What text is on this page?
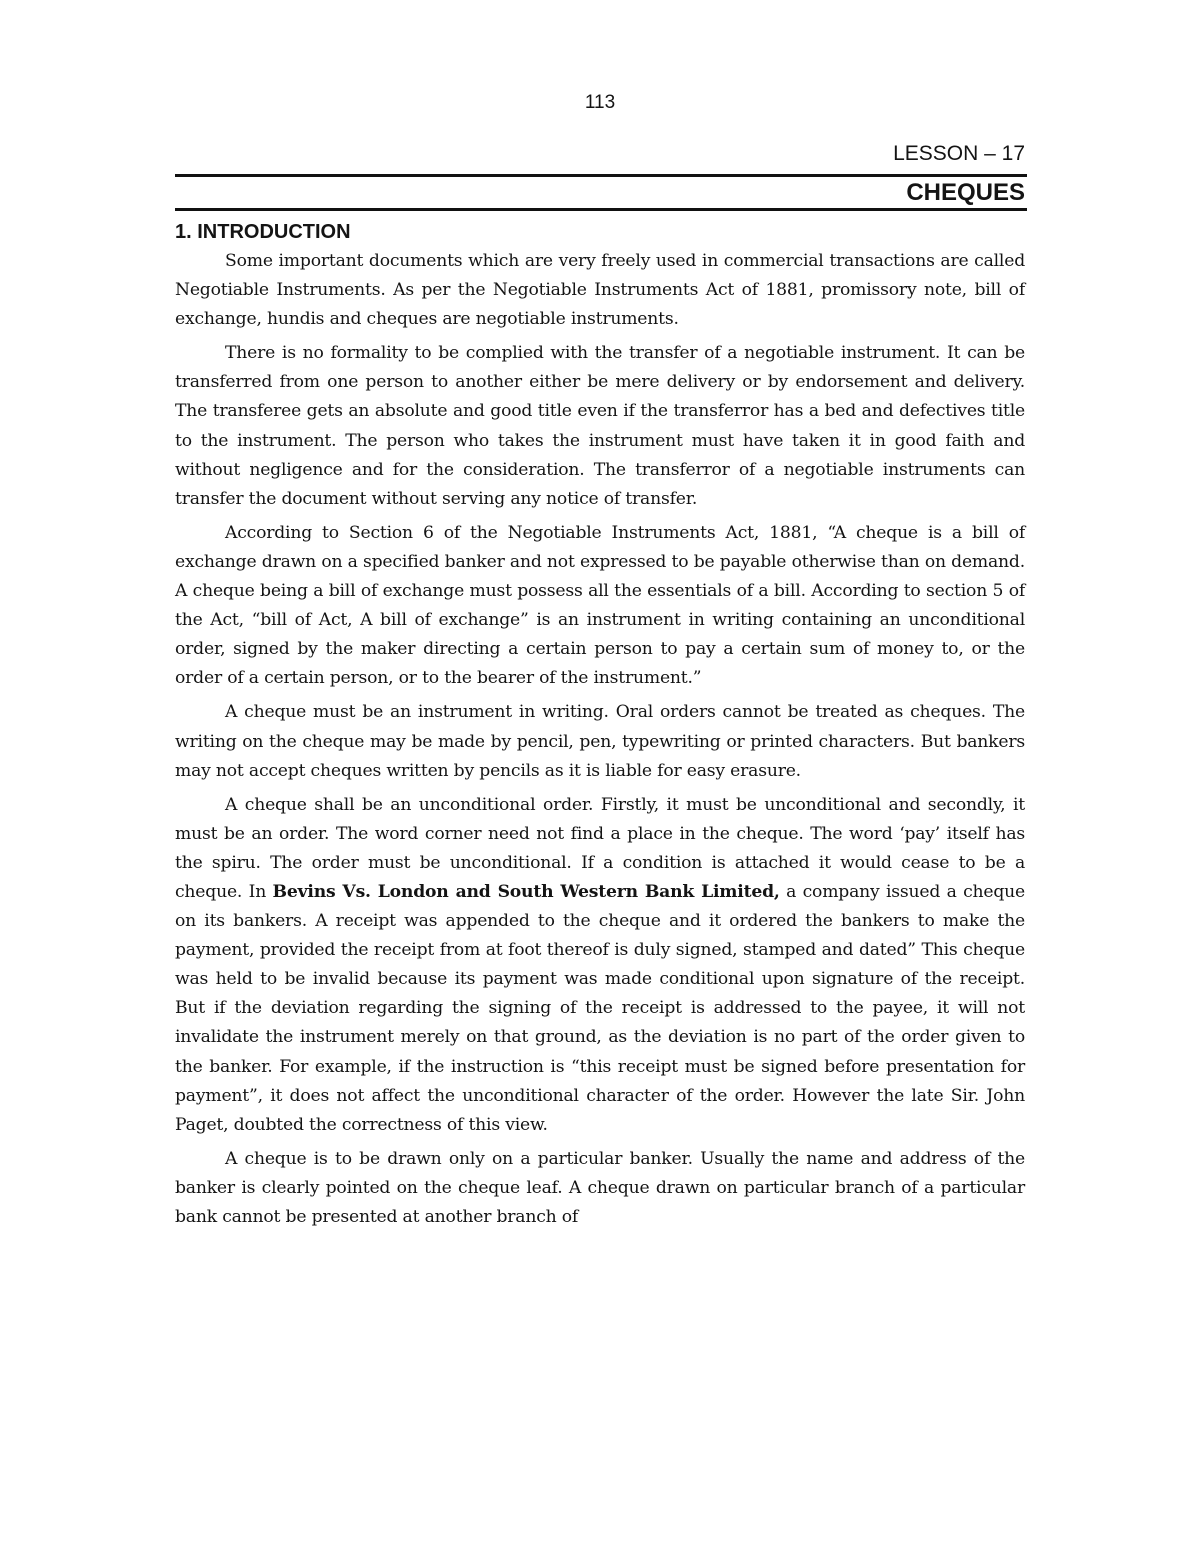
113
LESSON – 17
CHEQUES
1. INTRODUCTION

Some important documents which are very freely used in commercial transactions are called Negotiable Instruments. As per the Negotiable Instruments Act of 1881, promissory note, bill of exchange, hundis and cheques are negotiable instruments.

There is no formality to be complied with the transfer of a negotiable instrument. It can be transferred from one person to another either be mere delivery or by endorsement and delivery. The transferee gets an absolute and good title even if the transferror has a bed and defectives title to the instrument. The person who takes the instrument must have taken it in good faith and without negligence and for the consideration. The transferror of a negotiable instruments can transfer the document without serving any notice of transfer.

According to Section 6 of the Negotiable Instruments Act, 1881, “A cheque is a bill of exchange drawn on a specified banker and not expressed to be payable otherwise than on demand. A cheque being a bill of exchange must possess all the essentials of a bill. According to section 5 of the Act, “bill of Act, A bill of exchange” is an instrument in writing containing an unconditional order, signed by the maker directing a certain person to pay a certain sum of money to, or the order of a certain person, or to the bearer of the instrument.”

A cheque must be an instrument in writing. Oral orders cannot be treated as cheques. The writing on the cheque may be made by pencil, pen, typewriting or printed characters. But bankers may not accept cheques written by pencils as it is liable for easy erasure.

A cheque shall be an unconditional order. Firstly, it must be unconditional and secondly, it must be an order. The word corner need not find a place in the cheque. The word ‘pay’ itself has the spiru. The order must be unconditional. If a condition is attached it would cease to be a cheque. In Bevins Vs. London and South Western Bank Limited, a company issued a cheque on its bankers. A receipt was appended to the cheque and it ordered the bankers to make the payment, provided the receipt from at foot thereof is duly signed, stamped and dated” This cheque was held to be invalid because its payment was made conditional upon signature of the receipt. But if the deviation regarding the signing of the receipt is addressed to the payee, it will not invalidate the instrument merely on that ground, as the deviation is no part of the order given to the banker. For example, if the instruction is “this receipt must be signed before presentation for payment”, it does not affect the unconditional character of the order. However the late Sir. John Paget, doubted the correctness of this view.

A cheque is to be drawn only on a particular banker. Usually the name and address of the banker is clearly pointed on the cheque leaf. A cheque drawn on particular branch of a particular bank cannot be presented at another branch of
